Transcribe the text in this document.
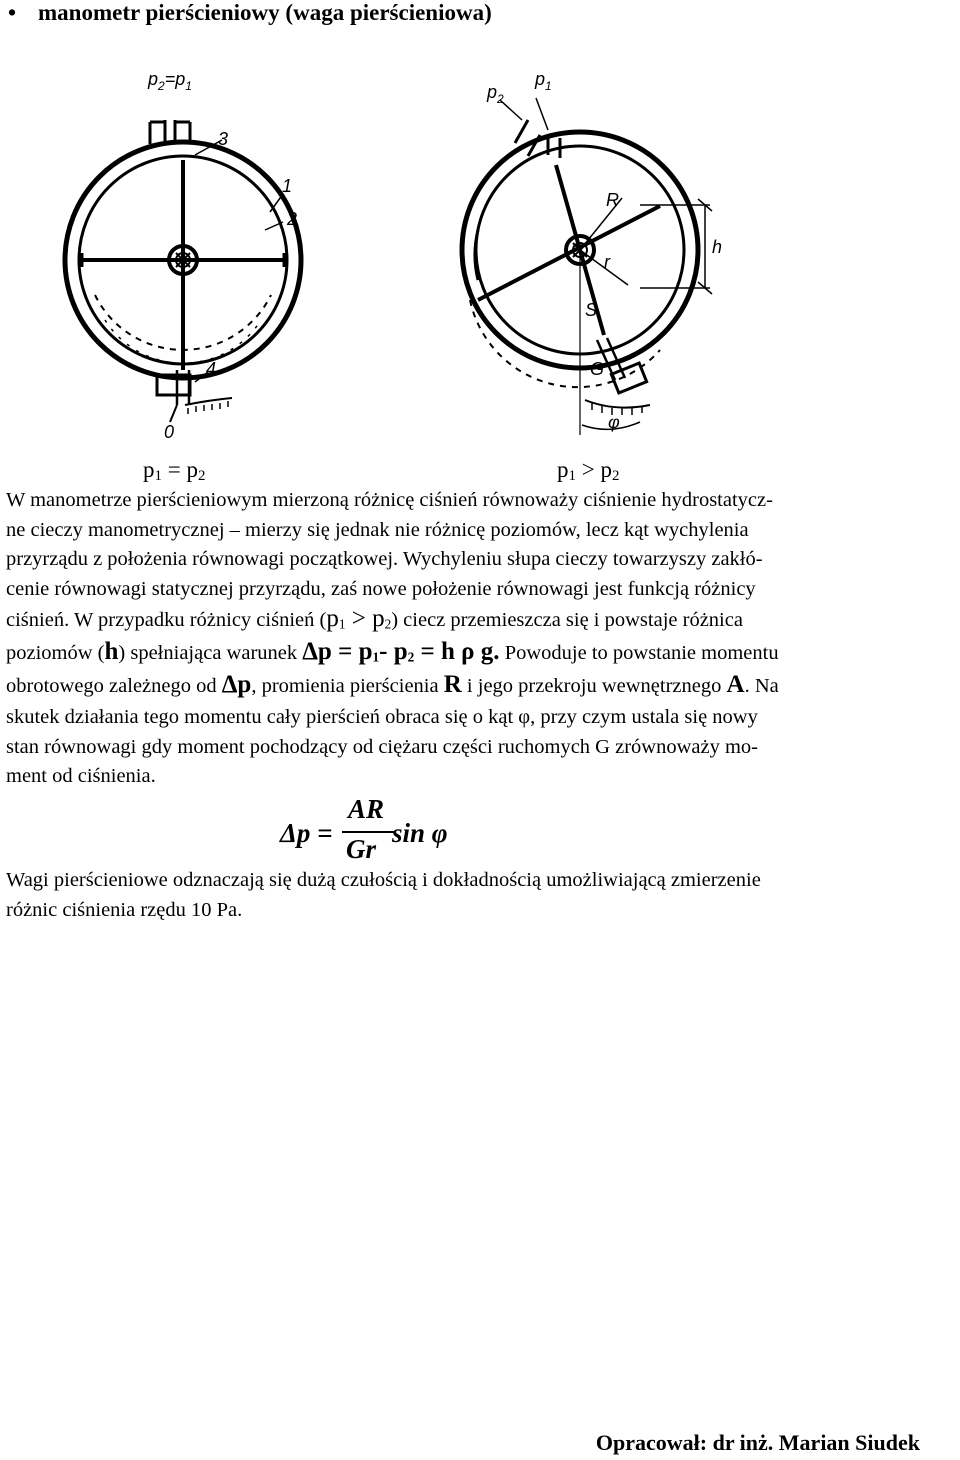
• manometr pierścieniowy (waga pierścieniowa)
$p_2=p_1$
3
1
2
4
0
$p_2$
$p_1$
R
r
h
S
G
φ
$p_1 = p_2$	$p_1 > p_2$
W manometrze pierścieniowym mierzoną różnicę ciśnień równoważy ciśnienie hydrostatycz-
ne cieczy manometrycznej – mierzy się jednak nie różnicę poziomów, lecz kąt wychylenia
przyrządu z położenia równowagi początkowej. Wychyleniu słupa cieczy towarzyszy zakłó-
cenie równowagi statycznej przyrządu, zaś nowe położenie równowagi jest funkcją różnicy
ciśnień. W przypadku różnicy ciśnień $(p_1 > p_2)$ ciecz przemieszcza się i powstaje różnica
poziomów (h) spełniająca warunek $\Delta p = p_1-$ $p_2 = h$ ρ g. Powoduje to powstanie momentu
obrotowego zależnego od Δp, promienia pierścienia R i jego przekroju wewnętrznego A. Na
skutek działania tego momentu cały pierścień obraca się o kąt φ, przy czym ustala się nowy
stan równowagi gdy moment pochodzący od ciężaru części ruchomych G zrównoważy mo-
ment od ciśnienia.
Δp =
AR
Gr
sin φ
Wagi pierścieniowe odznaczają się dużą czułością i dokładnością umożliwiającą zmierzenie
różnic ciśnienia rzędu 10 Pa.
Opracował: dr inż. Marian Siudek
